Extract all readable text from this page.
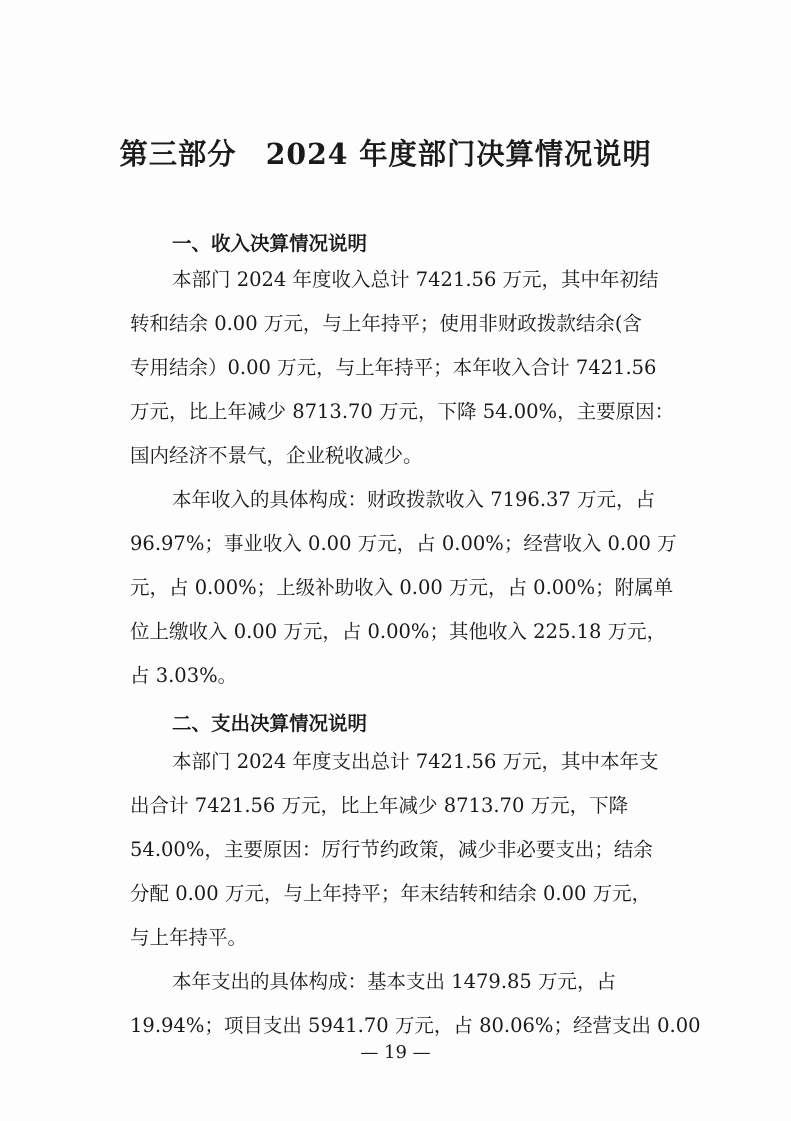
第三部分 2024 年度部门决算情况说明
一、收入决算情况说明
本部门 2024 年度收入总计 7421.56 万元，其中年初结
转和结余 0.00 万元，与上年持平；使用非财政拨款结余(含
专用结余）0.00 万元，与上年持平；本年收入合计 7421.56
万元，比上年减少 8713.70 万元，下降 54.00%，主要原因：
国内经济不景气，企业税收减少。
本年收入的具体构成：财政拨款收入 7196.37 万元，占
96.97%；事业收入 0.00 万元，占 0.00%；经营收入 0.00 万
元，占 0.00%；上级补助收入 0.00 万元，占 0.00%；附属单
位上缴收入 0.00 万元，占 0.00%；其他收入 225.18 万元，
占 3.03%。
二、支出决算情况说明
本部门 2024 年度支出总计 7421.56 万元，其中本年支
出合计 7421.56 万元，比上年减少 8713.70 万元，下降
54.00%，主要原因：厉行节约政策，减少非必要支出；结余
分配 0.00 万元，与上年持平；年末结转和结余 0.00 万元，
与上年持平。
本年支出的具体构成：基本支出 1479.85 万元，占
19.94%；项目支出 5941.70 万元，占 80.06%；经营支出 0.00
— 19 —
